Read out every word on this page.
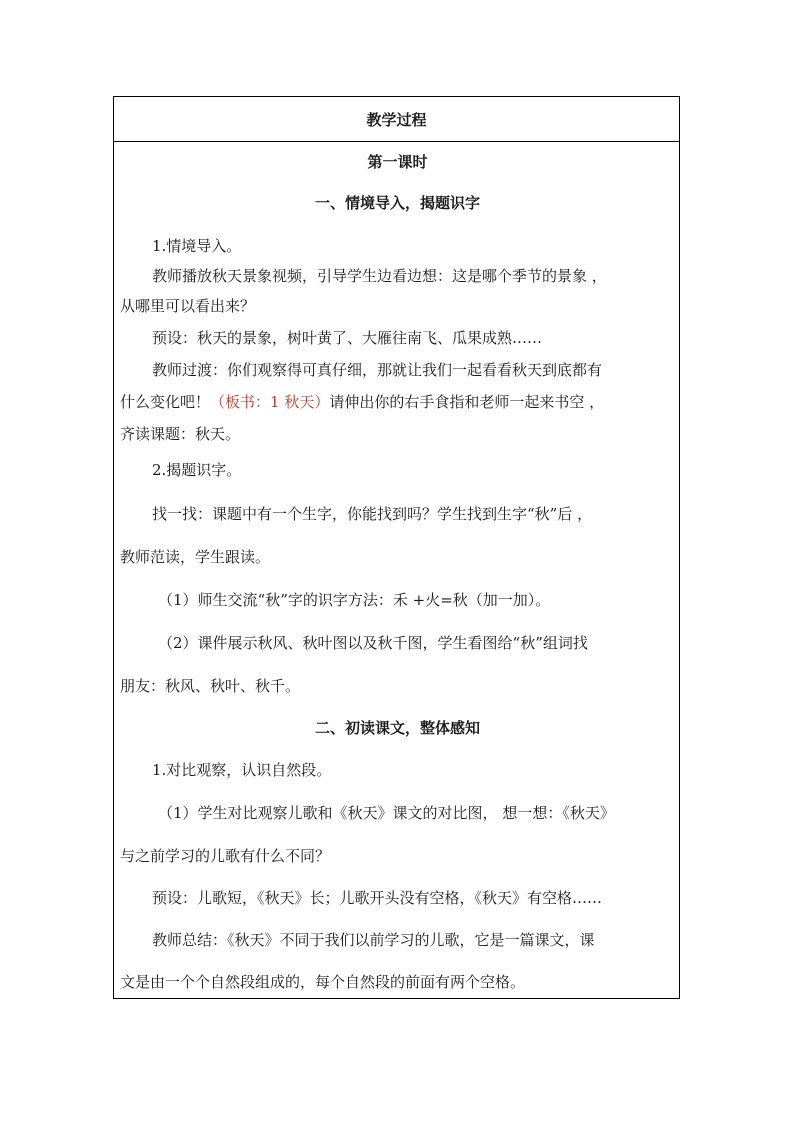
教学过程
第一课时
一、情境导入，揭题识字
1.情境导入。
教师播放秋天景象视频，引导学生边看边想：这是哪个季节的景象 ，
从哪里可以看出来？
预设：秋天的景象，树叶黄了、大雁往南飞、瓜果成熟……
教师过渡：你们观察得可真仔细，那就让我们一起看看秋天到底都有
什么变化吧！（板书：1 秋天）请伸出你的右手食指和老师一起来书空 ，
齐读课题：秋天。
2.揭题识字。
找一找：课题中有一个生字，你能找到吗？学生找到生字“秋”后 ，
教师范读，学生跟读。
（1）师生交流“秋”字的识字方法：禾 +火=秋（加一加）。
（2）课件展示秋风、秋叶图以及秋千图，学生看图给“秋”组词找
朋友：秋风、秋叶、秋千。
二、初读课文，整体感知
1.对比观察，认识自然段。
（1）学生对比观察儿歌和《秋天》课文的对比图， 想一想：《秋天》
与之前学习的儿歌有什么不同？
预设：儿歌短，《秋天》长；儿歌开头没有空格，《秋天》有空格……
教师总结：《秋天》不同于我们以前学习的儿歌，它是一篇课文，课
文是由一个个自然段组成的，每个自然段的前面有两个空格。
